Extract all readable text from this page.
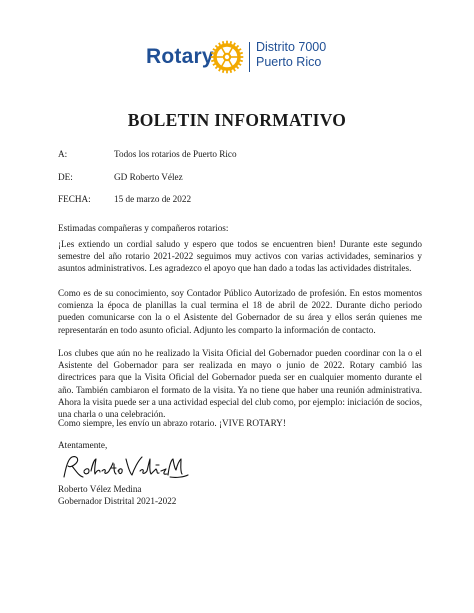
Rotary	Distrito 7000
Puerto Rico
BOLETIN INFORMATIVO
A:	Todos los rotarios de Puerto Rico
DE:	GD Roberto Vélez
FECHA:	15 de marzo de 2022
Estimadas compañeras y compañeros rotarios:

¡Les extiendo un cordial saludo y espero que todos se encuentren bien! Durante este segundo semestre del año rotario 2021-2022 seguimos muy activos con varias actividades, seminarios y asuntos administrativos. Les agradezco el apoyo que han dado a todas las actividades distritales.

Como es de su conocimiento, soy Contador Público Autorizado de profesión. En estos momentos comienza la época de planillas la cual termina el 18 de abril de 2022. Durante dicho periodo pueden comunicarse con la o el Asistente del Gobernador de su área y ellos serán quienes me representarán en todo asunto oficial. Adjunto les comparto la información de contacto.

Los clubes que aún no he realizado la Visita Oficial del Gobernador pueden coordinar con la o el Asistente del Gobernador para ser realizada en mayo o junio de 2022. Rotary cambió las directrices para que la Visita Oficial del Gobernador pueda ser en cualquier momento durante el año. También cambiaron el formato de la visita. Ya no tiene que haber una reunión administrativa. Ahora la visita puede ser a una actividad especial del club como, por ejemplo: iniciación de socios, una charla o una celebración.

Como siempre, les envío un abrazo rotario. ¡VIVE ROTARY!
Atentamente,
Roberto Vélez Medina
Gobernador Distrital 2021-2022
